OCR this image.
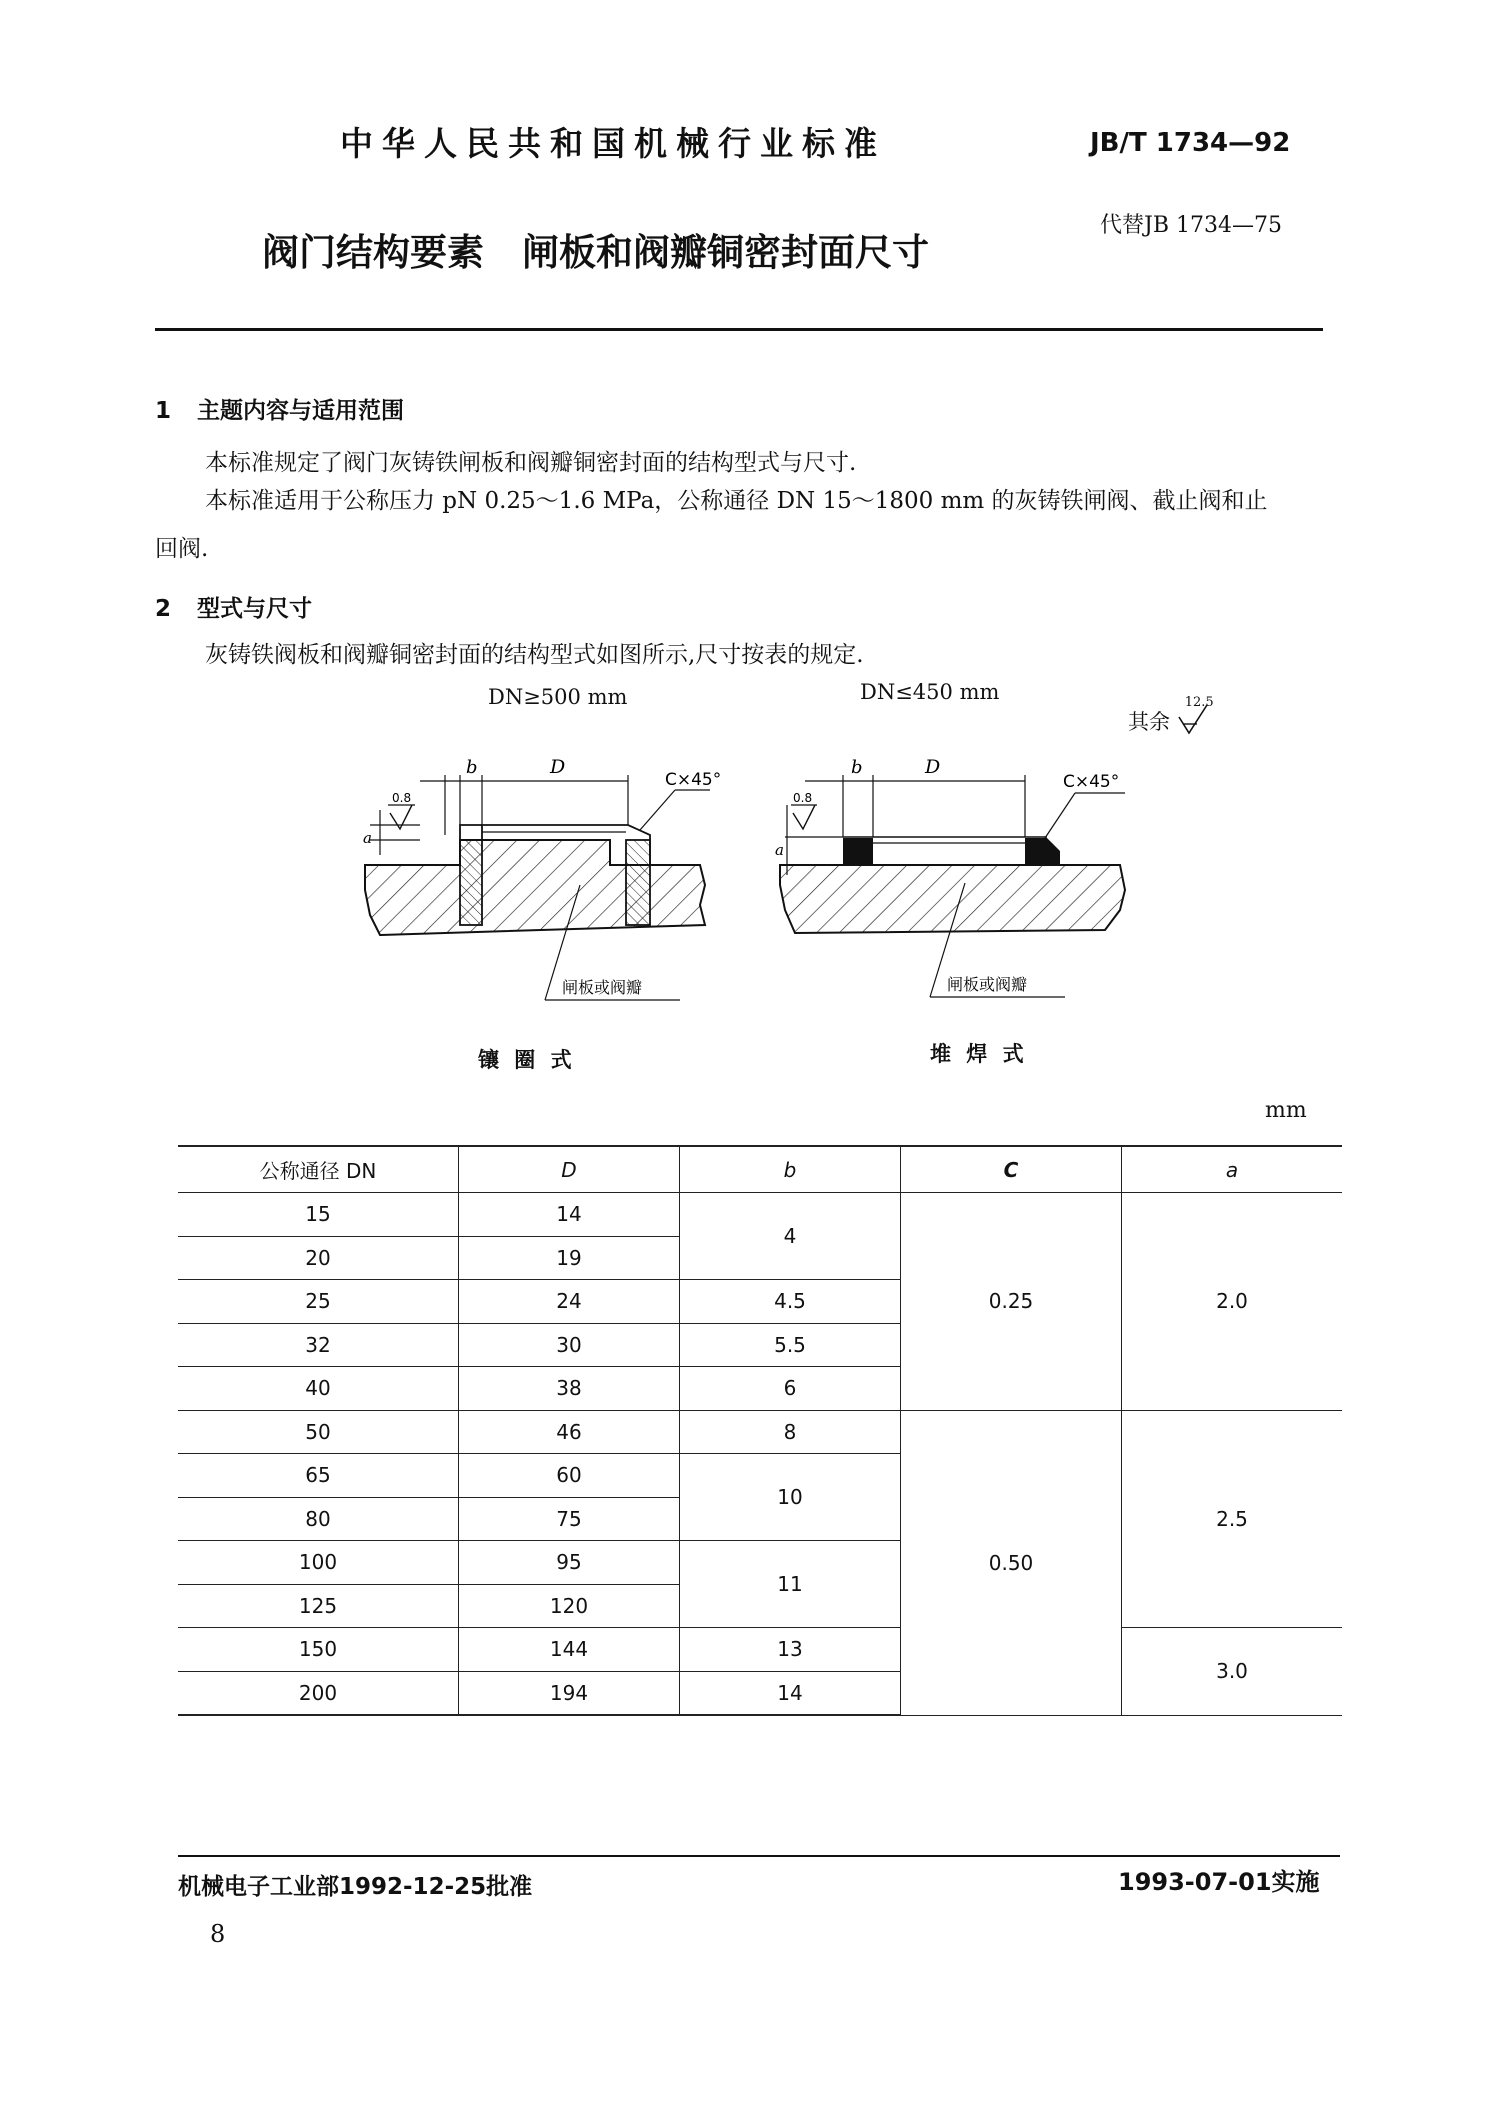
中华人民共和国机械行业标准	JB/T 1734—92
阀门结构要素 闸板和阀瓣铜密封面尺寸
代替JB 1734—75
1 主题内容与适用范围
本标准规定了阀门灰铸铁闸板和阀瓣铜密封面的结构型式与尺寸.
本标准适用于公称压力 pN 0.25～1.6 MPa，公称通径 DN 15～1800 mm 的灰铸铁闸阀、截止阀和止
回阀.
2 型式与尺寸
灰铸铁阀板和阀瓣铜密封面的结构型式如图所示,尺寸按表的规定.
DN≥500 mm	DN≤450 mm
其余
12.5
b	D
a
0.8
C×45°
闸板或阀瓣
b	D
a
0.8
C×45°
闸板或阀瓣
镶 圈 式	堆 焊 式
mm
公称通径 DN	D	b	C	a
15	14	4	0.25	2.0
20	19			
25	24	4.5		
32	30	5.5		
40	38	6		
50	46	8	0.50	2.5
65	60	10		
80	75			
100	95	11		
125	120			
150	144	13		3.0
200	194	14		
机械电子工业部1992-12-25批准	1993-07-01实施
8
